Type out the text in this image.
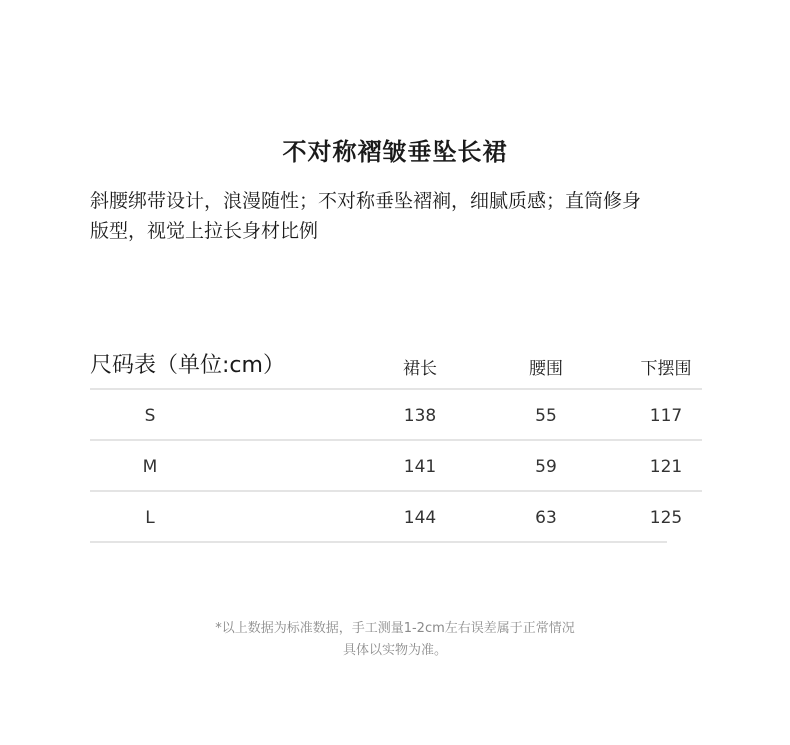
不对称褶皱垂坠长裙
斜腰绑带设计，浪漫随性；不对称垂坠褶裥，细腻质感；直筒修身
版型，视觉上拉长身材比例
尺码表（单位:cm）	裙长	腰围	下摆围
S	138	55	117
M	141	59	121
L	144	63	125
*以上数据为标准数据，手工测量1-2cm左右误差属于正常情况
具体以实物为准。
